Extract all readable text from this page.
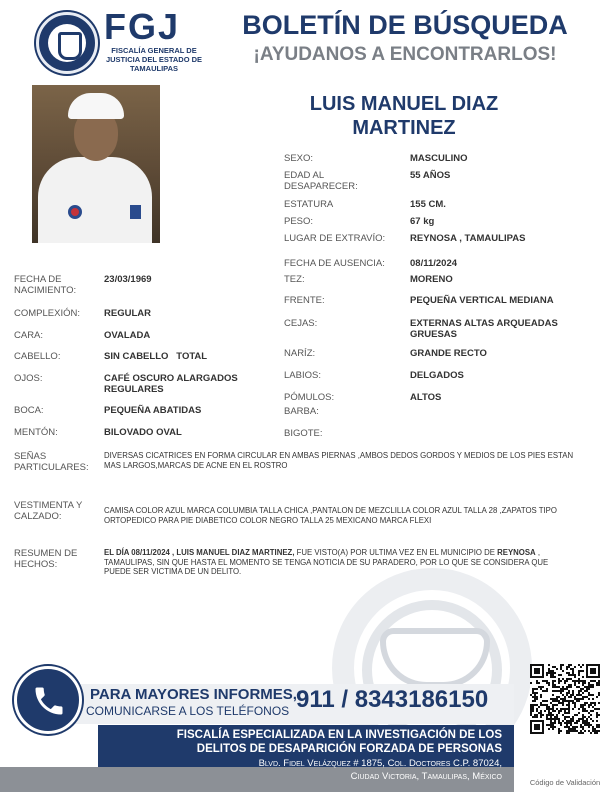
FGJ
FISCALÍA GENERAL DE JUSTICIA DEL ESTADO DE TAMAULIPAS
BOLETÍN DE BÚSQUEDA
¡AYUDANOS A ENCONTRARLOS!
LUIS MANUEL DIAZ MARTINEZ
SEXO:	MASCULINO
EDAD AL DESAPARECER:
55 AÑOS
ESTATURA	155 CM.
PESO:	67 kg
LUGAR DE EXTRAVÍO:	REYNOSA , TAMAULIPAS
FECHA DE AUSENCIA:	08/11/2024
TEZ:	MORENO
FRENTE:	PEQUEÑA VERTICAL MEDIANA
CEJAS:	EXTERNAS ALTAS ARQUEADAS GRUESAS
NARÍZ:	GRANDE RECTO
LABIOS:	DELGADOS
PÓMULOS:	ALTOS
BARBA:
BIGOTE:
FECHA DE NACIMIENTO:
23/03/1969
COMPLEXIÓN:	REGULAR
CARA:	OVALADA
CABELLO:	SIN CABELLO   TOTAL
OJOS:	CAFÉ OSCURO ALARGADOS REGULARES
BOCA:	PEQUEÑA ABATIDAS
MENTÓN:	BILOVADO OVAL
SEÑAS PARTICULARES:
DIVERSAS CICATRICES EN FORMA CIRCULAR EN AMBAS PIERNAS ,AMBOS DEDOS GORDOS Y MEDIOS DE LOS PIES ESTAN MAS LARGOS,MARCAS DE ACNE EN EL ROSTRO
VESTIMENTA Y CALZADO:
CAMISA COLOR AZUL MARCA COLUMBIA TALLA CHICA ,PANTALON DE MEZCLILLA COLOR AZUL TALLA 28 ,ZAPATOS TIPO ORTOPEDICO PARA PIE DIABETICO COLOR NEGRO TALLA 25 MEXICANO MARCA FLEXI
RESUMEN DE HECHOS:
EL DÍA 08/11/2024 , LUIS MANUEL DIAZ MARTINEZ, FUE VISTO(A) POR ULTIMA VEZ EN EL MUNICIPIO DE REYNOSA , TAMAULIPAS, SIN QUE HASTA EL MOMENTO SE TENGA NOTICIA DE SU PARADERO, POR LO QUE SE CONSIDERA QUE PUEDE SER VICTIMA DE UN DELITO.
PARA MAYORES INFORMES,
COMUNICARSE A LOS TELÉFONOS 911 / 8343186150
FISCALÍA ESPECIALIZADA EN LA INVESTIGACIÓN DE LOS
DELITOS DE DESAPARICIÓN FORZADA DE PERSONAS
Blvd. Fidel Velázquez # 1875, Col. Doctores C.P. 87024,
Ciudad Victoria, Tamaulipas, México
Código de Validación
